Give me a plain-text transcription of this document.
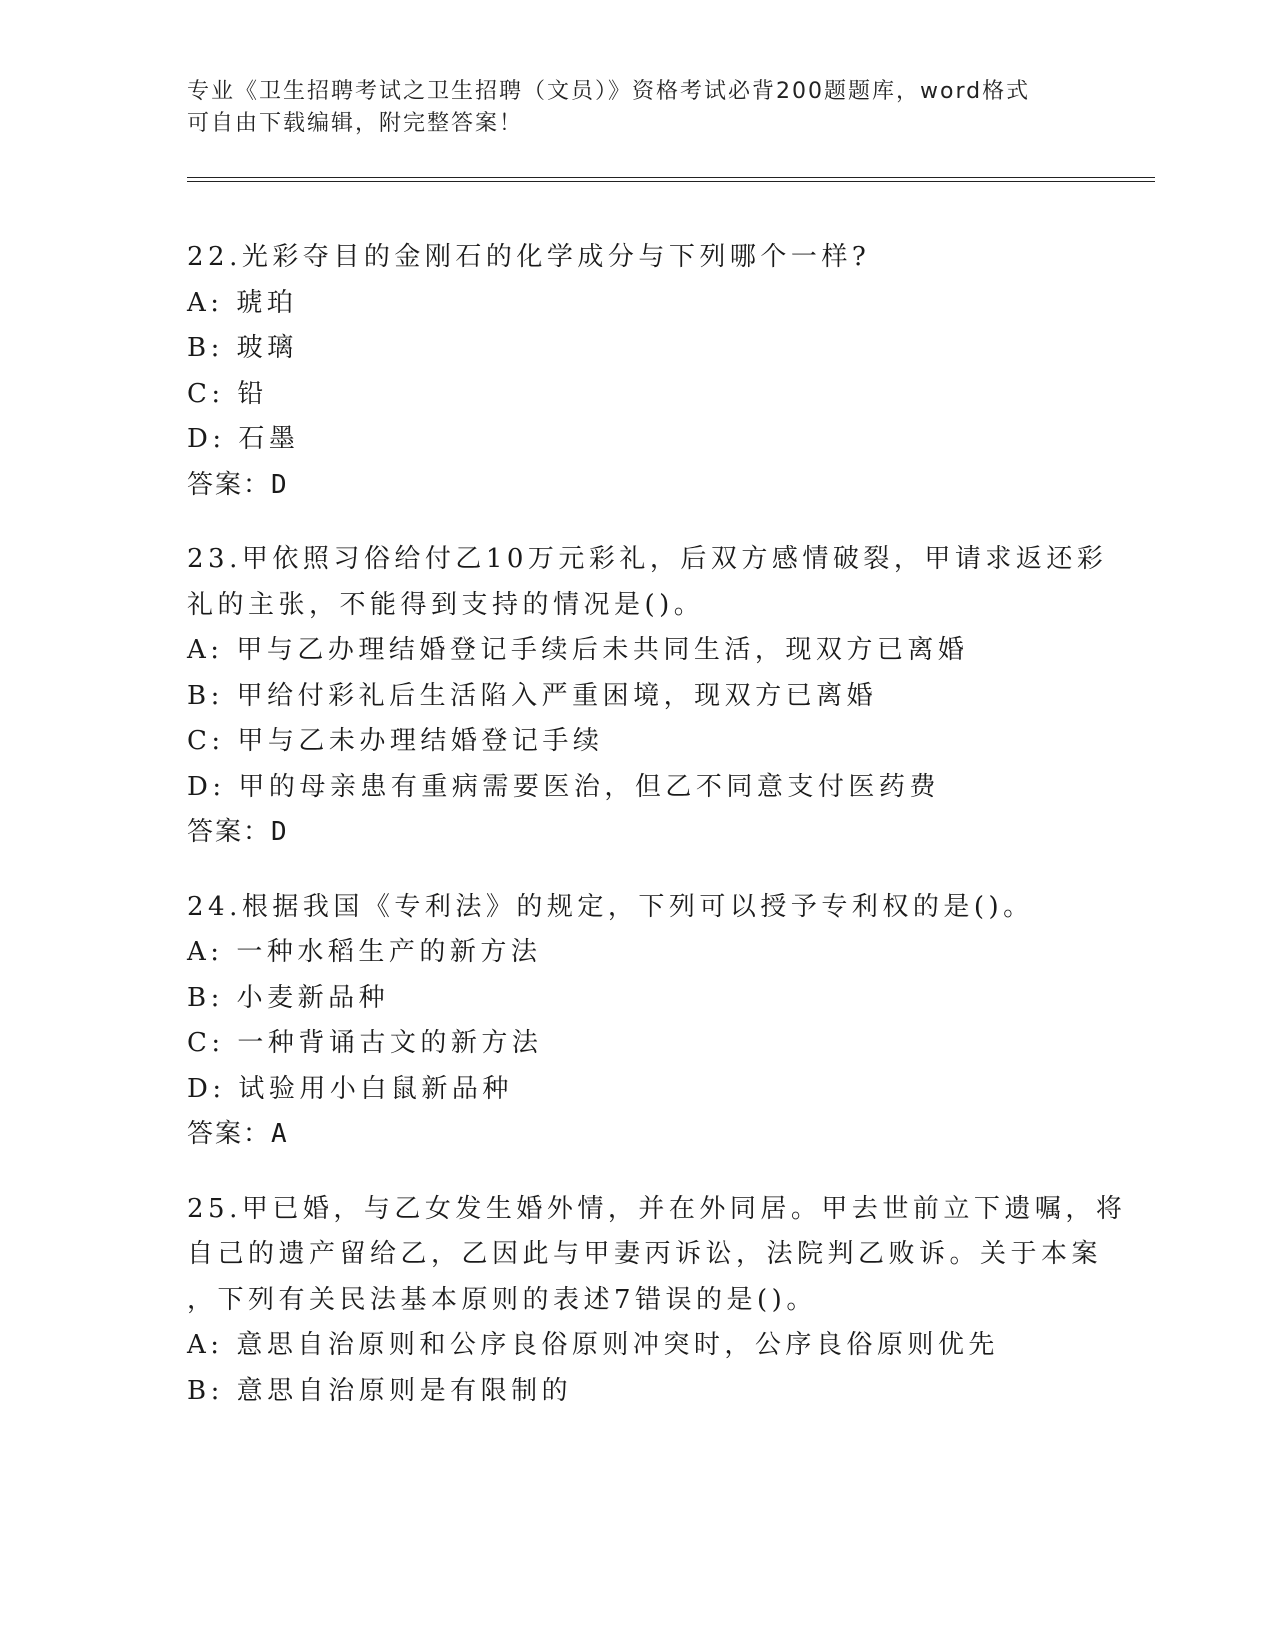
专业《卫生招聘考试之卫生招聘（文员）》资格考试必背200题题库，word格式
可自由下载编辑，附完整答案！
22.光彩夺目的金刚石的化学成分与下列哪个一样?
A: 琥珀
B: 玻璃
C: 铅
D: 石墨
答案：D
23.甲依照习俗给付乙10万元彩礼，后双方感情破裂，甲请求返还彩
礼的主张，不能得到支持的情况是()。
A: 甲与乙办理结婚登记手续后未共同生活，现双方已离婚
B: 甲给付彩礼后生活陷入严重困境，现双方已离婚
C: 甲与乙未办理结婚登记手续
D: 甲的母亲患有重病需要医治，但乙不同意支付医药费
答案：D
24.根据我国《专利法》的规定，下列可以授予专利权的是()。
A: 一种水稻生产的新方法
B: 小麦新品种
C: 一种背诵古文的新方法
D: 试验用小白鼠新品种
答案：A
25.甲已婚，与乙女发生婚外情，并在外同居。甲去世前立下遗嘱，将
自己的遗产留给乙，乙因此与甲妻丙诉讼，法院判乙败诉。关于本案
，下列有关民法基本原则的表述7错误的是()。
A: 意思自治原则和公序良俗原则冲突时，公序良俗原则优先
B: 意思自治原则是有限制的
